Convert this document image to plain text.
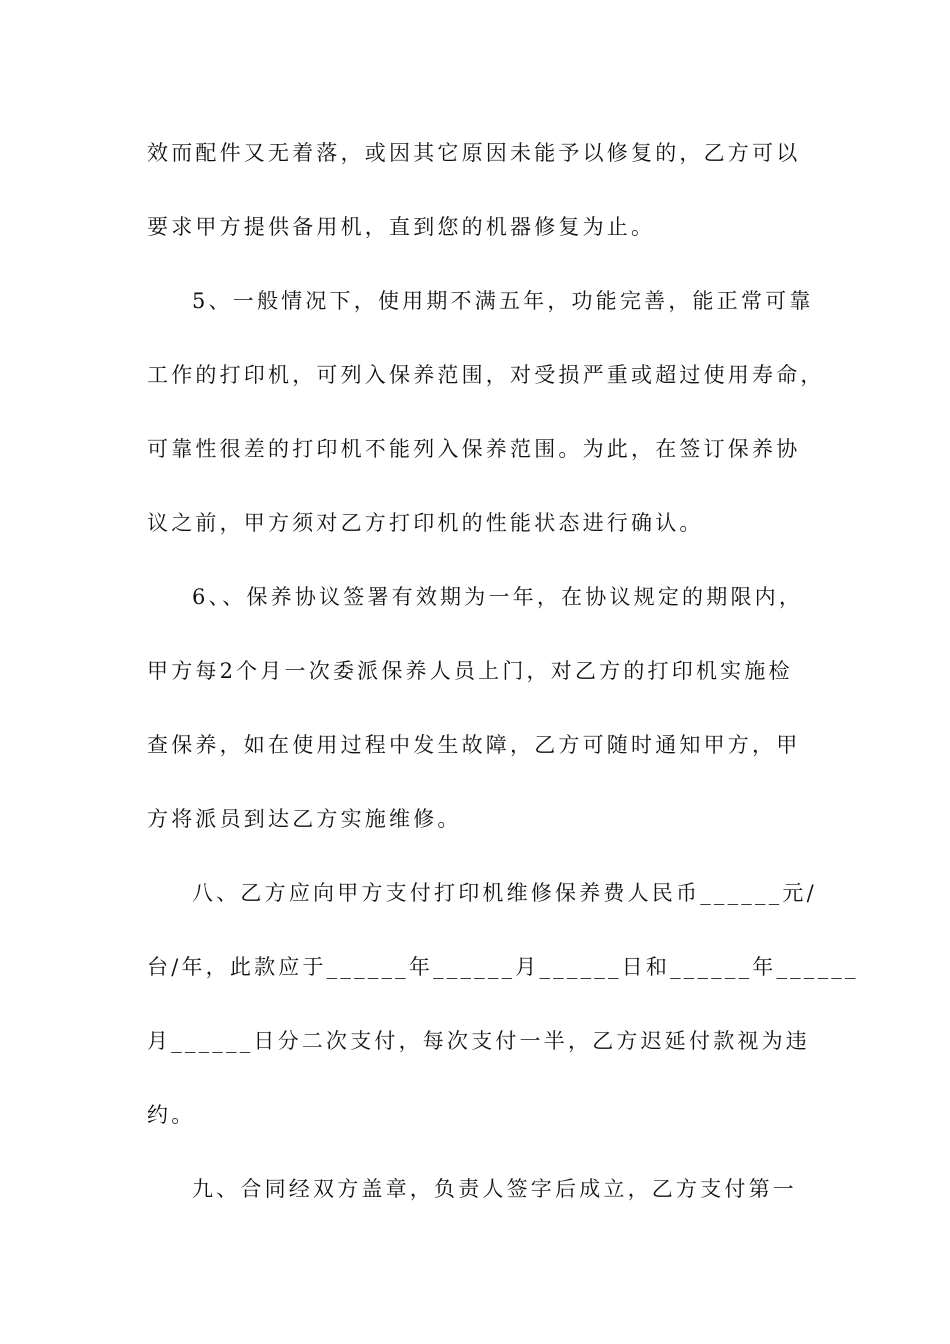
效而配件又无着落，或因其它原因未能予以修复的，乙方可以
要求甲方提供备用机，直到您的机器修复为止。
5、一般情况下，使用期不满五年，功能完善，能正常可靠
工作的打印机，可列入保养范围，对受损严重或超过使用寿命，
可靠性很差的打印机不能列入保养范围。为此，在签订保养协
议之前，甲方须对乙方打印机的性能状态进行确认。
6、、保养协议签署有效期为一年，在协议规定的期限内，
甲方每2个月一次委派保养人员上门，对乙方的打印机实施检
查保养，如在使用过程中发生故障，乙方可随时通知甲方，甲
方将派员到达乙方实施维修。
八、乙方应向甲方支付打印机维修保养费人民币______元/
台/年，此款应于______年______月______日和______年______
月______日分二次支付，每次支付一半，乙方迟延付款视为违
约。
九、合同经双方盖章，负责人签字后成立，乙方支付第一
